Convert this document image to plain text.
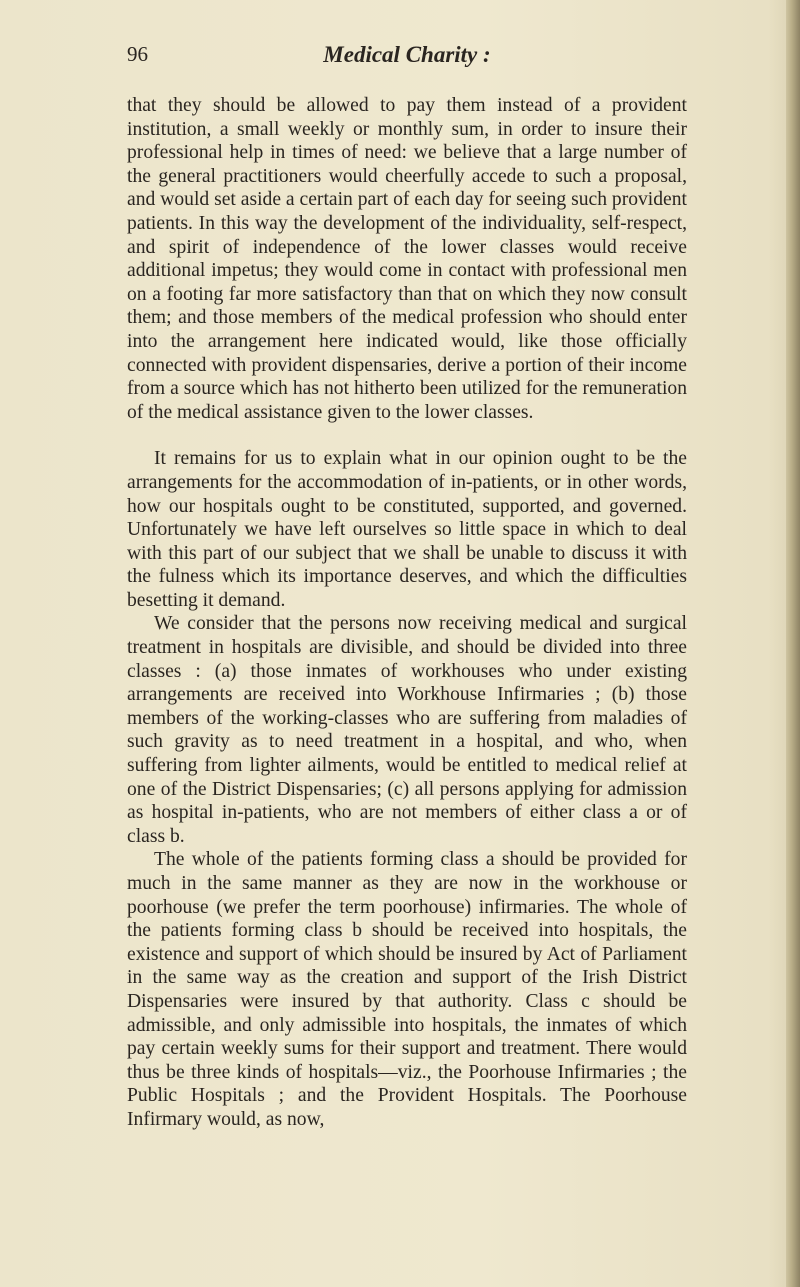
96	Medical Charity :

that they should be allowed to pay them instead of a provident institution, a small weekly or monthly sum, in order to insure their professional help in times of need: we believe that a large number of the general practitioners would cheerfully accede to such a proposal, and would set aside a certain part of each day for seeing such provident patients. In this way the development of the individuality, self-respect, and spirit of independence of the lower classes would receive additional impetus; they would come in contact with professional men on a footing far more satisfactory than that on which they now consult them; and those members of the medical profession who should enter into the arrangement here indicated would, like those officially connected with provident dispensaries, derive a portion of their income from a source which has not hitherto been utilized for the remuneration of the medical assistance given to the lower classes.

It remains for us to explain what in our opinion ought to be the arrangements for the accommodation of in-patients, or in other words, how our hospitals ought to be constituted, supported, and governed. Unfortunately we have left ourselves so little space in which to deal with this part of our subject that we shall be unable to discuss it with the fulness which its importance deserves, and which the difficulties besetting it demand.

We consider that the persons now receiving medical and surgical treatment in hospitals are divisible, and should be divided into three classes : (a) those inmates of workhouses who under existing arrangements are received into Workhouse Infirmaries ; (b) those members of the working-classes who are suffering from maladies of such gravity as to need treatment in a hospital, and who, when suffering from lighter ailments, would be entitled to medical relief at one of the District Dispensaries; (c) all persons applying for admission as hospital in-patients, who are not members of either class a or of class b.

The whole of the patients forming class a should be provided for much in the same manner as they are now in the workhouse or poorhouse (we prefer the term poorhouse) infirmaries. The whole of the patients forming class b should be received into hospitals, the existence and support of which should be insured by Act of Parliament in the same way as the creation and support of the Irish District Dispensaries were insured by that authority. Class c should be admissible, and only admissible into hospitals, the inmates of which pay certain weekly sums for their support and treatment. There would thus be three kinds of hospitals—viz., the Poorhouse Infirmaries ; the Public Hospitals ; and the Provident Hospitals. The Poorhouse Infirmary would, as now,
